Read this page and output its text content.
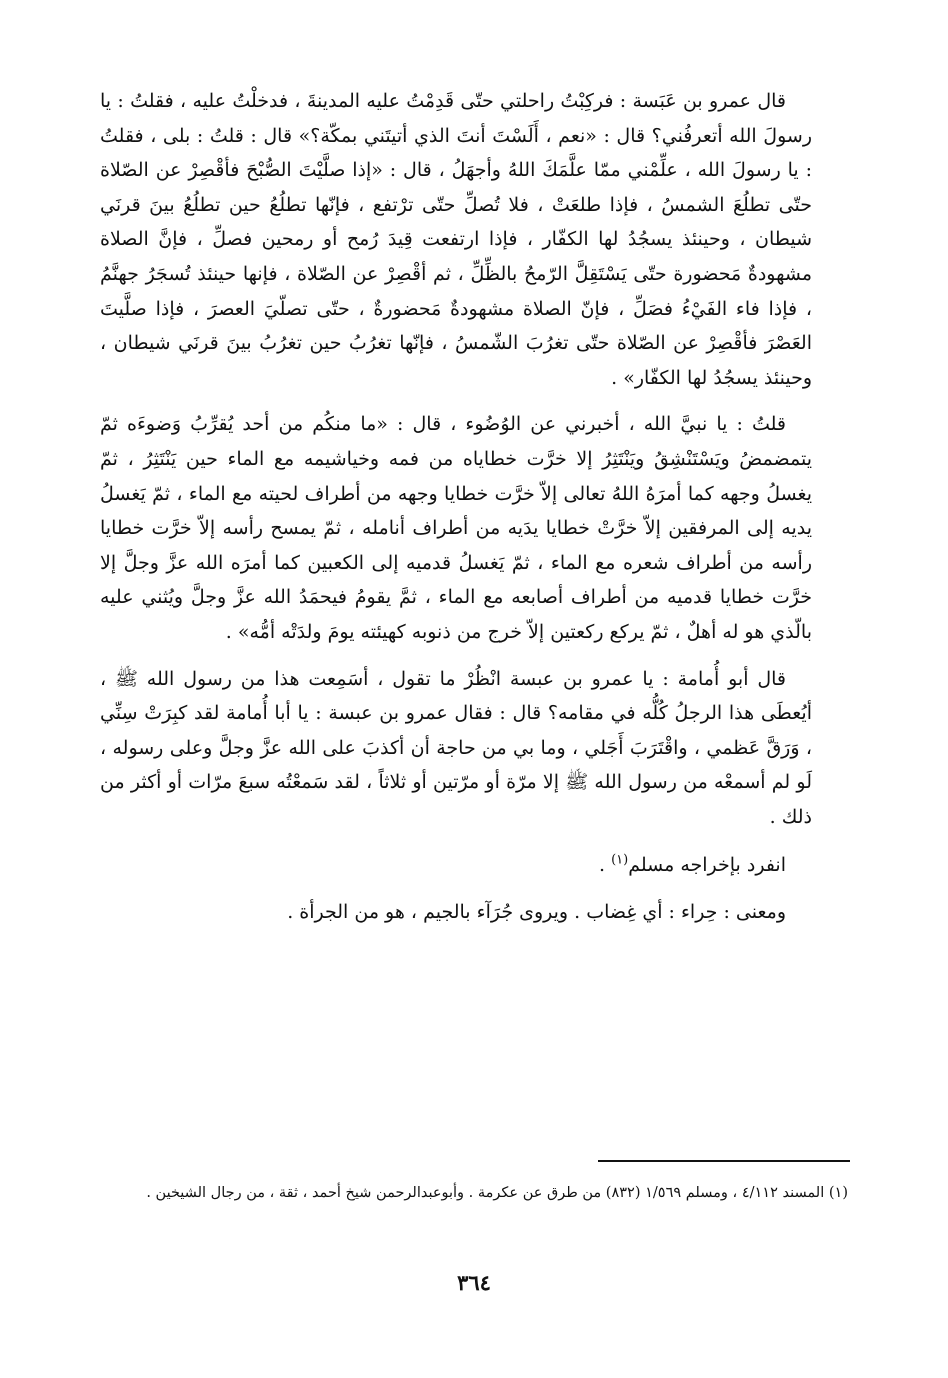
قال عمرو بن عَبَسة : فركِبْتُ راحلتي حتّى قَدِمْتُ عليه المدينةَ ، فدخلْتُ عليه ، فقلتُ : يا رسولَ الله أتعرفُني؟ قال : «نعم ، أَلَسْتَ أنتَ الذي أتيتَني بمكّة؟» قال : قلتُ : بلى ، فقلتُ : يا رسولَ الله ، علِّمْني ممّا علَّمَكَ اللهُ وأجهَلُ ، قال : «إذا صلَّيْتَ الصُّبْحَ فأقْصِرْ عن الصّلاة حتّى تطلُعَ الشمسُ ، فإذا طلعَتْ ، فلا تُصلِّ حتّى ترْتفع ، فإنّها تطلُعُ حين تطلُعُ بينَ قرنَي شيطان ، وحينئذ يسجُدُ لها الكفّار ، فإذا ارتفعت قِيدَ رُمح أو رمحين فصلِّ ، فإنَّ الصلاة مشهودةٌ مَحضورة حتّى يَسْتَقِلَّ الرّمحُ بالظِّلِّ ، ثم أقْصِرْ عن الصّلاة ، فإنها حينئذ تُسجَرُ جهنَّمُ ، فإذا فاء الفَيْءُ فصَلِّ ، فإنّ الصلاة مشهودةٌ مَحضورةٌ ، حتّى تصلّيَ العصرَ ، فإذا صلَّيتَ العَصْرَ فأقْصِرْ عن الصّلاة حتّى تغرُبَ الشّمسُ ، فإنّها تغرُبُ حين تغرُبُ بينَ قرنَي شيطان ، وحينئذ يسجُدُ لها الكفّار» .

قلتُ : يا نبيَّ الله ، أخبرني عن الوُضُوء ، قال : «ما منكُم من أحد يُقرِّبُ وَضوءَه ثمّ يتمضمضُ ويَسْتَنْشِقُ ويَنْتَثِرُ إلا خرَّت خطاياه من فمه وخياشيمه مع الماء حين يَنْتَثِرُ ، ثمّ يغسلُ وجهه كما أمرَهُ اللهُ تعالى إلاّ خرَّت خطايا وجهه من أطراف لحيته مع الماء ، ثمّ يَغسلُ يديه إلى المرفقين إلاّ خرَّتْ خطايا يدَيه من أطراف أنامله ، ثمّ يمسح رأسه إلاّ خرَّت خطايا رأسه من أطراف شعره مع الماء ، ثمّ يَغسلُ قدميه إلى الكعبين كما أمرَه الله عزَّ وجلَّ إلا خرَّت خطايا قدميه من أطراف أصابعه مع الماء ، ثمَّ يقومُ فيحمَدُ الله عزَّ وجلَّ ويُثني عليه بالّذي هو له أهلٌ ، ثمّ يركع ركعتين إلاّ خرج من ذنوبه كهيئته يومَ ولدَتْه أمُّه» .

قال أبو أُمامة : يا عمرو بن عبسة انْظُرْ ما تقول ، أسَمِعت هذا من رسول الله ﷺ ، أيُعطَى هذا الرجلُ كُلُّه في مقامه؟ قال : فقال عمرو بن عبسة : يا أبا أُمامة لقد كبِرَتْ سِنِّي ، وَرَقَّ عَظمي ، واقْتَرَبَ أَجَلي ، وما بي من حاجة أن أكذبَ على الله عزَّ وجلَّ وعلى رسوله ، لَو لم أسمعْه من رسول الله ﷺ إلا مرّة أو مرّتين أو ثلاثاً ، لقد سَمعْتُه سبعَ مرّات أو أكثر من ذلك .

انفرد بإخراجه مسلم$^{(١)}$ .

ومعنى : حِراء : أي غِضاب . ويروى جُرَآء بالجيم ، هو من الجرأة .

(١) المسند ٤/١١٢ ، ومسلم ١/٥٦٩ (٨٣٢) من طرق عن عكرمة . وأبوعبدالرحمن شيخ أحمد ، ثقة ، من رجال الشيخين .
٣٦٤
